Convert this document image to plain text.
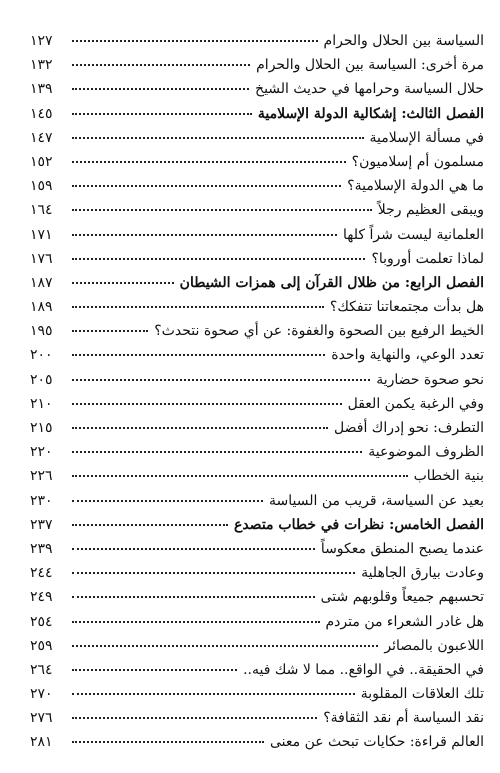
السياسة بين الحلال والحرام
١٢٧
مرة أخرى: السياسة بين الحلال والحرام
١٣٢
حلال السياسة وحرامها في حديث الشيخ
١٣٩
الفصل الثالث: إشكالية الدولة الإسلامية
١٤٥
في مسألة الإسلامية
١٤٧
مسلمون أم إسلاميون؟
١٥٢
ما هي الدولة الإسلامية؟
١٥٩
ويبقى العظيم رجلاً
١٦٤
العلمانية ليست شراً كلها
١٧١
لماذا تعلمت أوروبا؟
١٧٦
الفصل الرابع: من ظلال القرآن إلى همزات الشيطان
١٨٧
هل بدأت مجتمعاتنا تتفكك؟
١٨٩
الخيط الرفيع بين الصحوة والغفوة: عن أي صحوة نتحدث؟
١٩٥
تعدد الوعي، والنهاية واحدة
٢٠٠
نحو صحوة حضارية
٢٠٥
وفي الرغبة يكمن العقل
٢١٠
التطرف: نحو إدراك أفضل
٢١٥
الظروف الموضوعية
٢٢٠
بنية الخطاب
٢٢٦
بعيد عن السياسة، قريب من السياسة
٢٣٠
الفصل الخامس: نظرات في خطاب متصدع
٢٣٧
عندما يصبح المنطق معكوساً
٢٣٩
وعادت بيارق الجاهلية
٢٤٤
تحسبهم جميعاً وقلوبهم شتى
٢٤٩
هل غادر الشعراء من متردم
٢٥٤
اللاعبون بالمصائر
٢٥٩
في الحقيقة.. في الواقع.. مما لا شك فيه..
٢٦٤
تلك العلاقات المقلوبة
٢٧٠
نقد السياسة أم نقد الثقافة؟
٢٧٦
العالم قراءة: حكايات تبحث عن معنى
٢٨١
